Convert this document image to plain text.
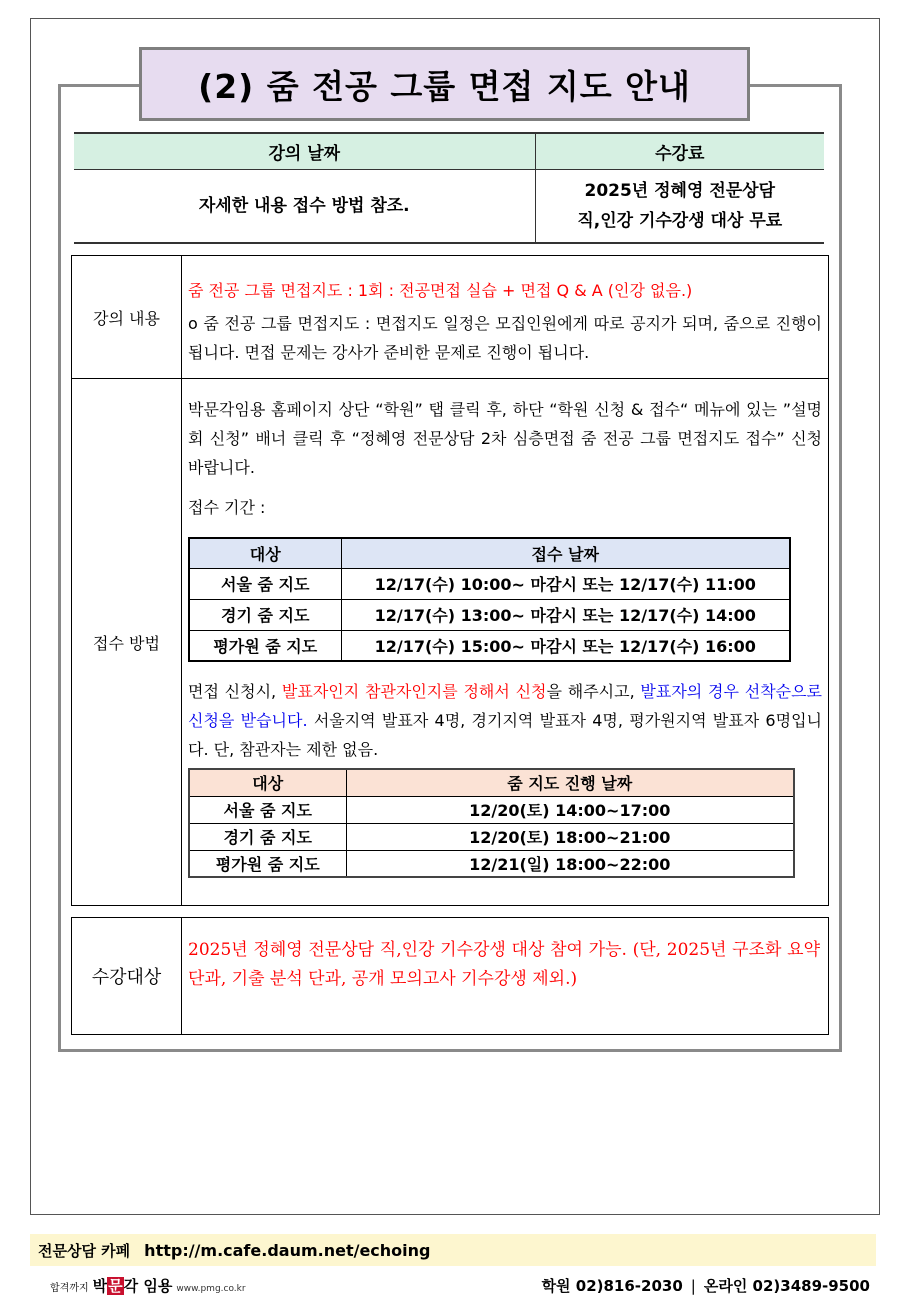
(2) 줌 전공 그룹 면접 지도 안내
강의 날짜	수강료
자세한 내용 접수 방법 참조.	2025년 정혜영 전문상담
직,인강 기수강생 대상 무료
강의 내용

줌 전공 그룹 면접지도 : 1회 : 전공면접 실습 + 면접 Q & A (인강 없음.)

o 줌 전공 그룹 면접지도 : 면접지도 일정은 모집인원에게 따로 공지가 되며, 줌으로 진행이 됩니다. 면접 문제는 강사가 준비한 문제로 진행이 됩니다.

접수 방법

박문각임용 홈페이지 상단 “학원” 탭 클릭 후, 하단 “학원 신청 & 접수“ 메뉴에 있는 ”설명회 신청” 배너 클릭 후 “정혜영 전문상담 2차 심층면접 줌 전공 그룹 면접지도 접수” 신청 바랍니다.

접수 기간 :

면접 신청시, 발표자인지 참관자인지를 정해서 신청을 해주시고, 발표자의 경우 선착순으로 신청을 받습니다. 서울지역 발표자 4명, 경기지역 발표자 4명, 평가원지역 발표자 6명입니다. 단, 참관자는 제한 없음.

대상	접수 날짜
서울 줌 지도	12/17(수) 10:00~ 마감시 또는 12/17(수) 11:00
경기 줌 지도	12/17(수) 13:00~ 마감시 또는 12/17(수) 14:00
평가원 줌 지도	12/17(수) 15:00~ 마감시 또는 12/17(수) 16:00
대상	줌 지도 진행 날짜
서울 줌 지도	12/20(토) 14:00~17:00
경기 줌 지도	12/20(토) 18:00~21:00
평가원 줌 지도	12/21(일) 18:00~22:00
수강대상

2025년 정혜영 전문상담 직,인강 기수강생 대상 참여 가능. (단, 2025년 구조화 요약 단과, 기출 분석 단과, 공개 모의고사 기수강생 제외.)

전문상담 카페 http://m.cafe.daum.net/echoing
합격까지 박문각 임용 www.pmg.co.kr	학원 02)816-2030 | 온라인 02)3489-9500
